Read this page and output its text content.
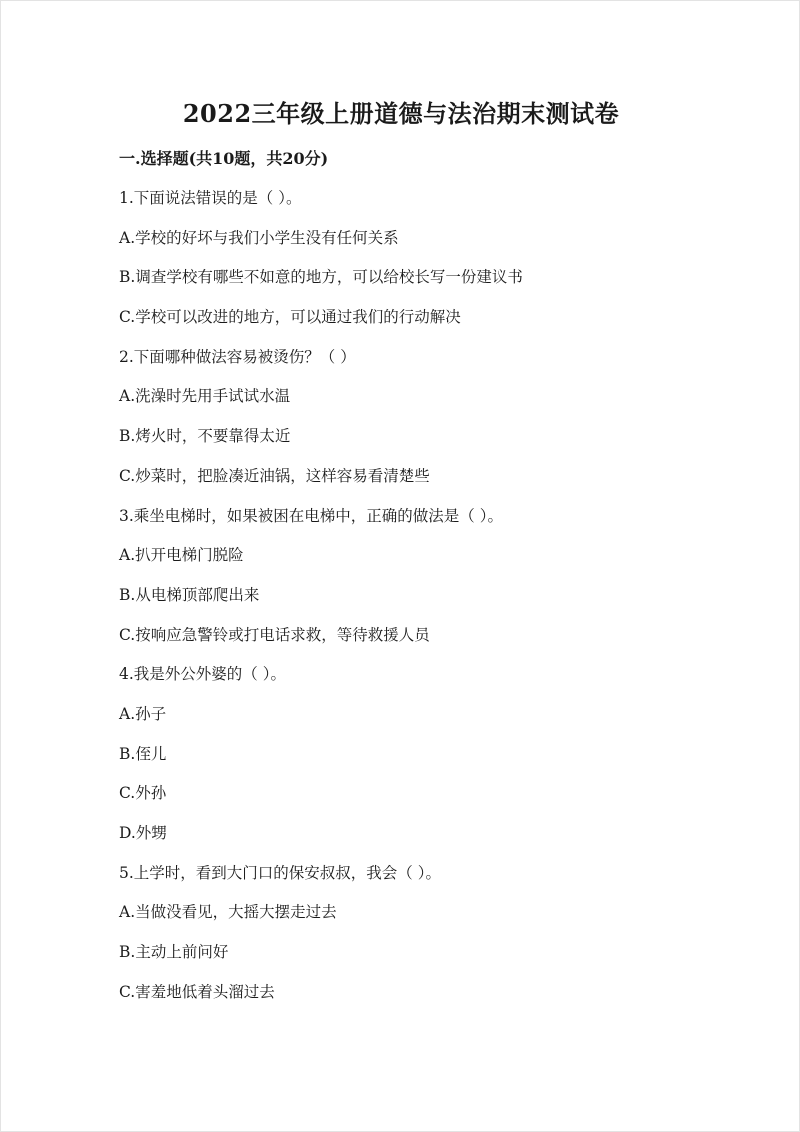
2022三年级上册道德与法治期末测试卷
一.选择题(共10题，共20分)
1.下面说法错误的是（ ）。
A.学校的好坏与我们小学生没有任何关系
B.调查学校有哪些不如意的地方，可以给校长写一份建议书
C.学校可以改进的地方，可以通过我们的行动解决
2.下面哪种做法容易被烫伤？（ ）
A.洗澡时先用手试试水温
B.烤火时，不要靠得太近
C.炒菜时，把脸凑近油锅，这样容易看清楚些
3.乘坐电梯时，如果被困在电梯中，正确的做法是（ ）。
A.扒开电梯门脱险
B.从电梯顶部爬出来
C.按响应急警铃或打电话求救，等待救援人员
4.我是外公外婆的（ ）。
A.孙子
B.侄儿
C.外孙
D.外甥
5.上学时，看到大门口的保安叔叔，我会（ ）。
A.当做没看见，大摇大摆走过去
B.主动上前问好
C.害羞地低着头溜过去
